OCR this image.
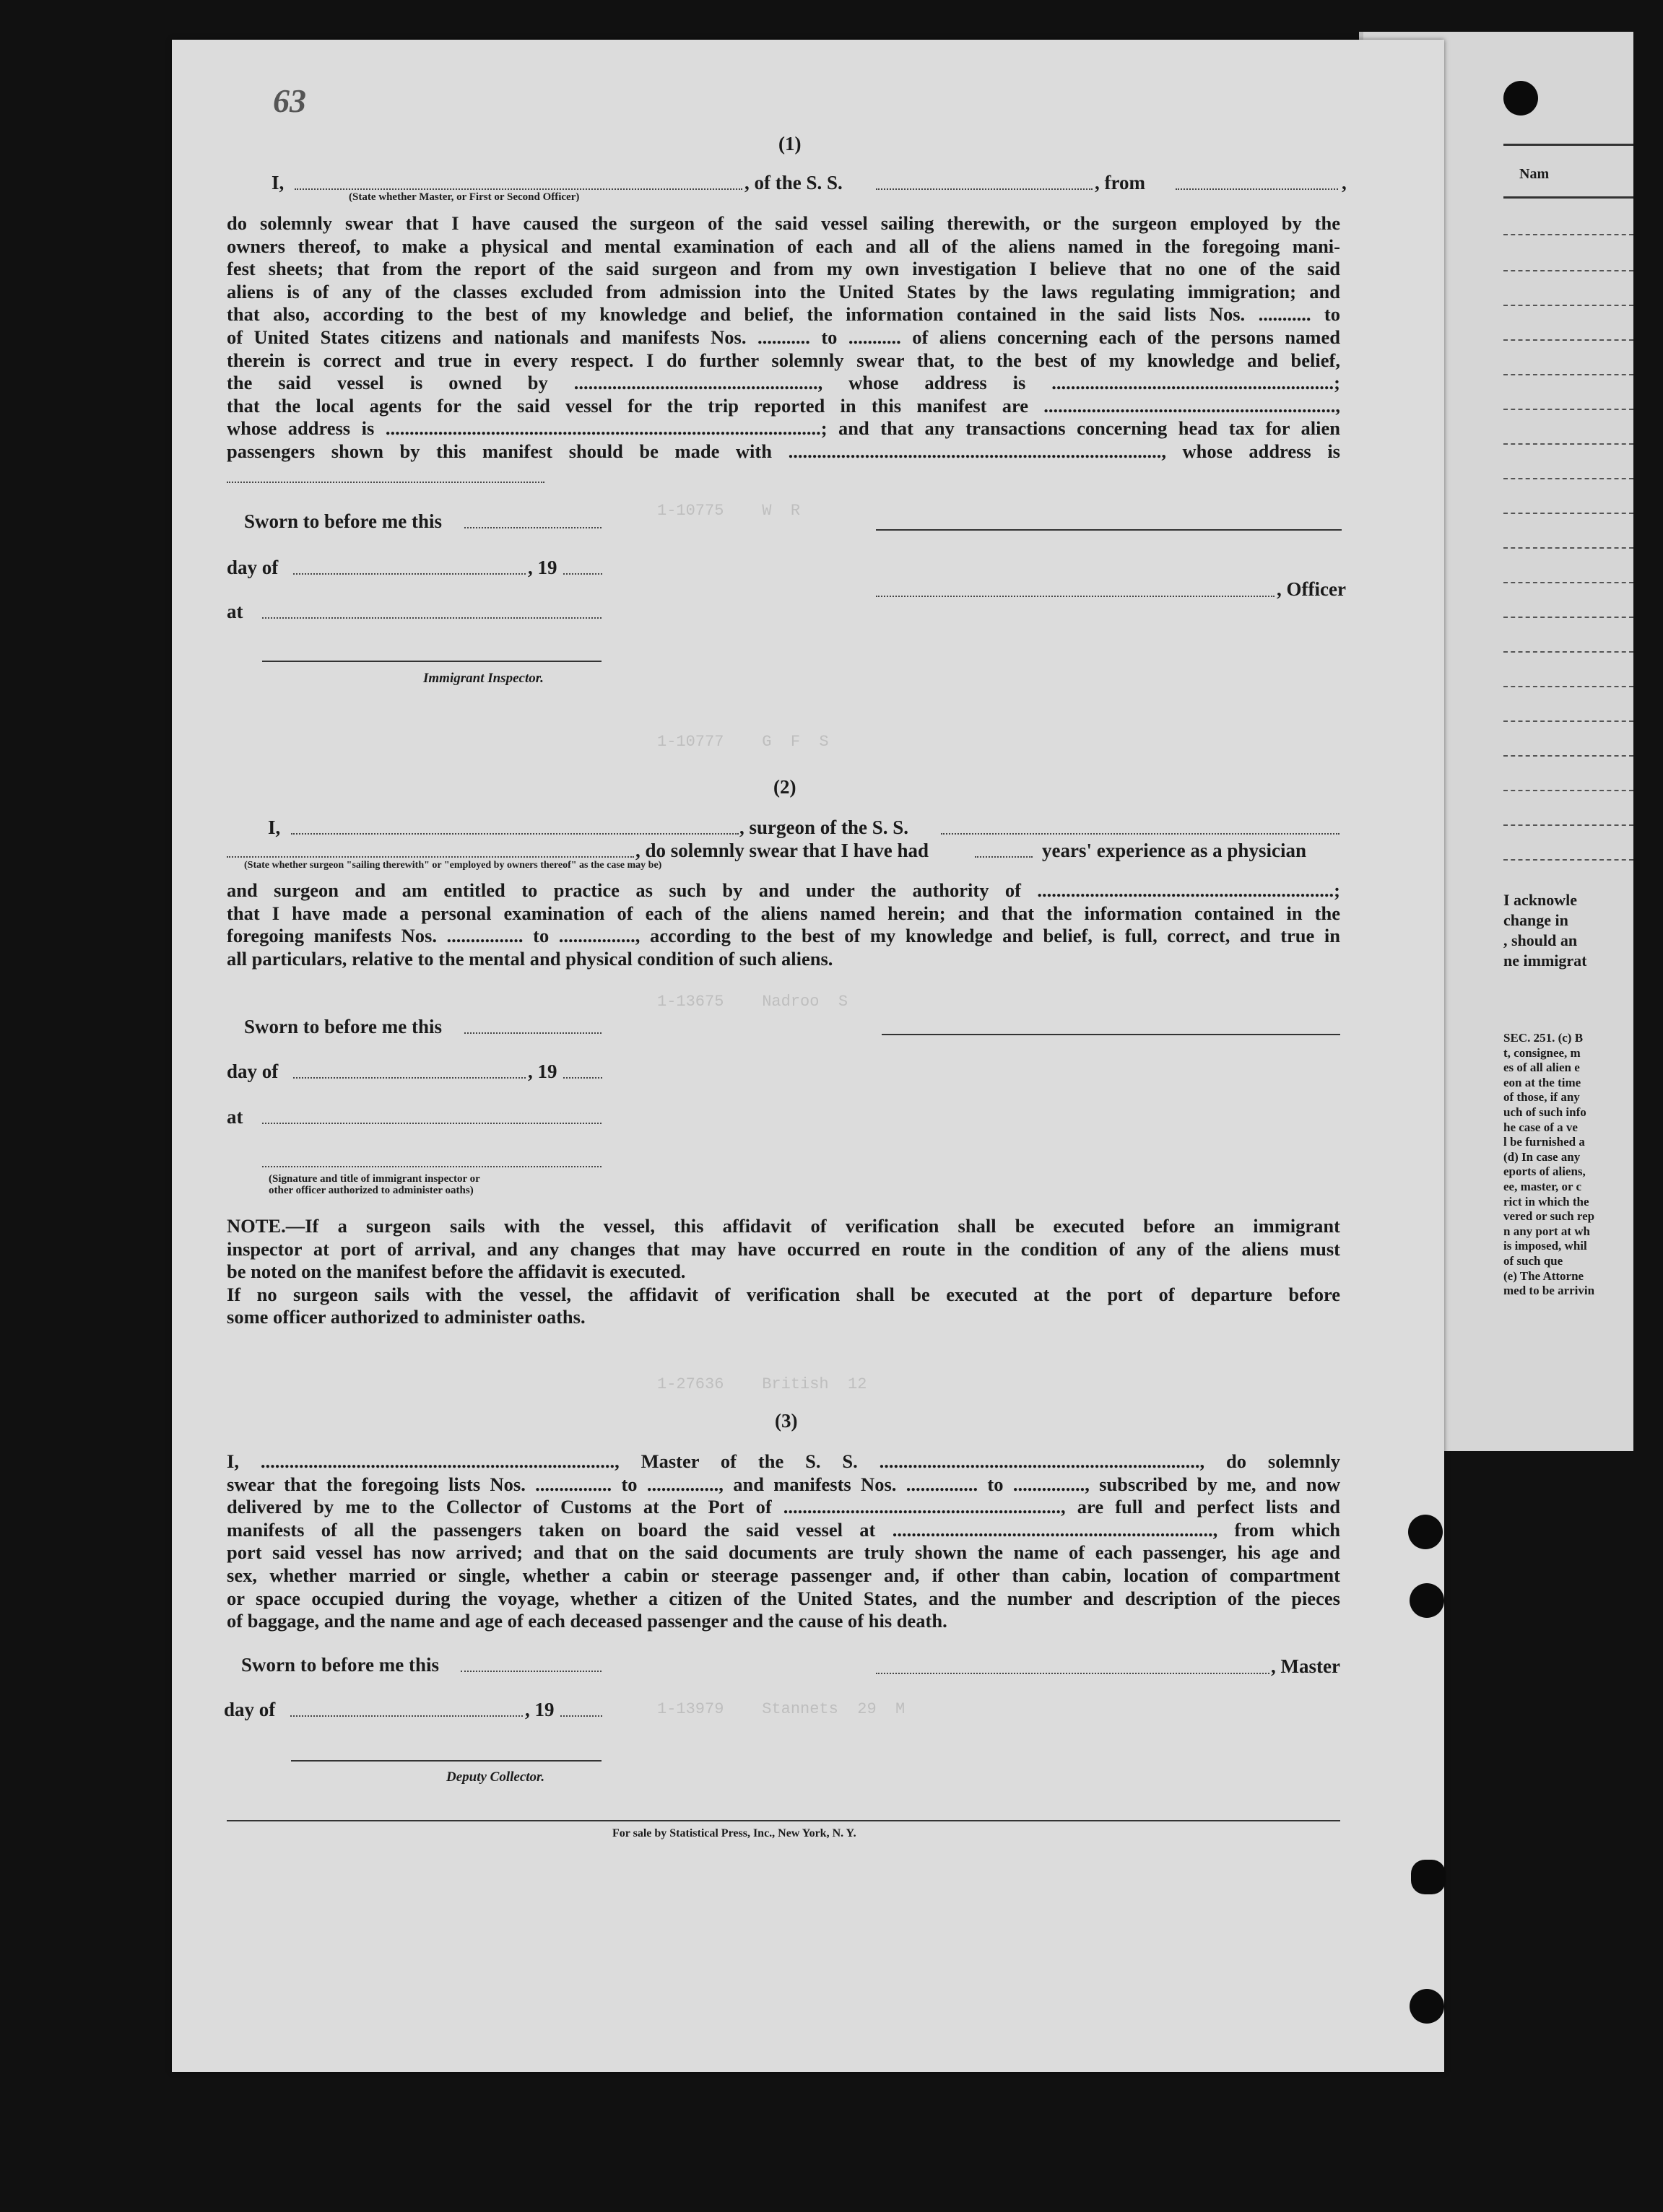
Nam
I acknowle
change in
, should an
ne immigrat
SEC. 251. (c) B
t, consignee, m
es of all alien e
eon at the time
of those, if any
uch of such info
he case of a ve
l be furnished a
(d) In case any
eports of aliens,
ee, master, or c
rict in which the
vered or such rep
n any port at wh
is imposed, whil
of such que
(e) The Attorne
med to be arrivin
1-10775    W  R
1-10777    G  F  S
1-13675    Nadroo  S
1-27636    British  12
1-13979    Stannets  29  M
63
(1)
I,	, of the S. S.	, from	,
(State whether Master, or First or Second Officer)
do solemnly swear that I have caused the surgeon of the said vessel sailing therewith, or the surgeon employed by the
owners thereof, to make a physical and mental examination of each and all of the aliens named in the foregoing mani-
fest sheets; that from the report of the said surgeon and from my own investigation I believe that no one of the said
aliens is of any of the classes excluded from admission into the United States by the laws regulating immigration; and
that also, according to the best of my knowledge and belief, the information contained in the said lists Nos. ........... to
of United States citizens and nationals and manifests Nos. ........... to ........... of aliens concerning each of the persons named
therein is correct and true in every respect. I do further solemnly swear that, to the best of my knowledge and belief,
the said vessel is owned by ..................................................., whose address is ...........................................................;
that the local agents for the said vessel for the trip reported in this manifest are .............................................................,
whose address is ...........................................................................................; and that any transactions concerning head tax for alien
passengers shown by this manifest should be made with .............................................................................., whose address is
Sworn to before me this
day of	, 19
, Officer
at
Immigrant Inspector.
(2)
I,	, surgeon of the S. S.
, do solemnly swear that I have had	years' experience as a physician
(State whether surgeon "sailing therewith" or "employed by owners thereof" as the case may be)
and surgeon and am entitled to practice as such by and under the authority of ..............................................................;
that I have made a personal examination of each of the aliens named herein; and that the information contained in the
foregoing manifests Nos. ................ to ................, according to the best of my knowledge and belief, is full, correct, and true in
all particulars, relative to the mental and physical condition of such aliens.
Sworn to before me this
day of	, 19
at
(Signature and title of immigrant inspector or
other officer authorized to administer oaths)
NOTE.—If a surgeon sails with the vessel, this affidavit of verification shall be executed before an immigrant
inspector at port of arrival, and any changes that may have occurred en route in the condition of any of the aliens must
be noted on the manifest before the affidavit is executed.
If no surgeon sails with the vessel, the affidavit of verification shall be executed at the port of departure before
some officer authorized to administer oaths.
(3)
I, .........................................................................., Master of the S. S. ..................................................................., do solemnly
swear that the foregoing lists Nos. ................ to ..............., and manifests Nos. ............... to ..............., subscribed by me, and now
delivered by me to the Collector of Customs at the Port of .........................................................., are full and perfect lists and
manifests of all the passengers taken on board the said vessel at ..................................................................., from which
port said vessel has now arrived; and that on the said documents are truly shown the name of each passenger, his age and
sex, whether married or single, whether a cabin or steerage passenger and, if other than cabin, location of compartment
or space occupied during the voyage, whether a citizen of the United States, and the number and description of the pieces
of baggage, and the name and age of each deceased passenger and the cause of his death.
Sworn to before me this	, Master
day of	, 19
Deputy Collector.
For sale by Statistical Press, Inc., New York, N. Y.
